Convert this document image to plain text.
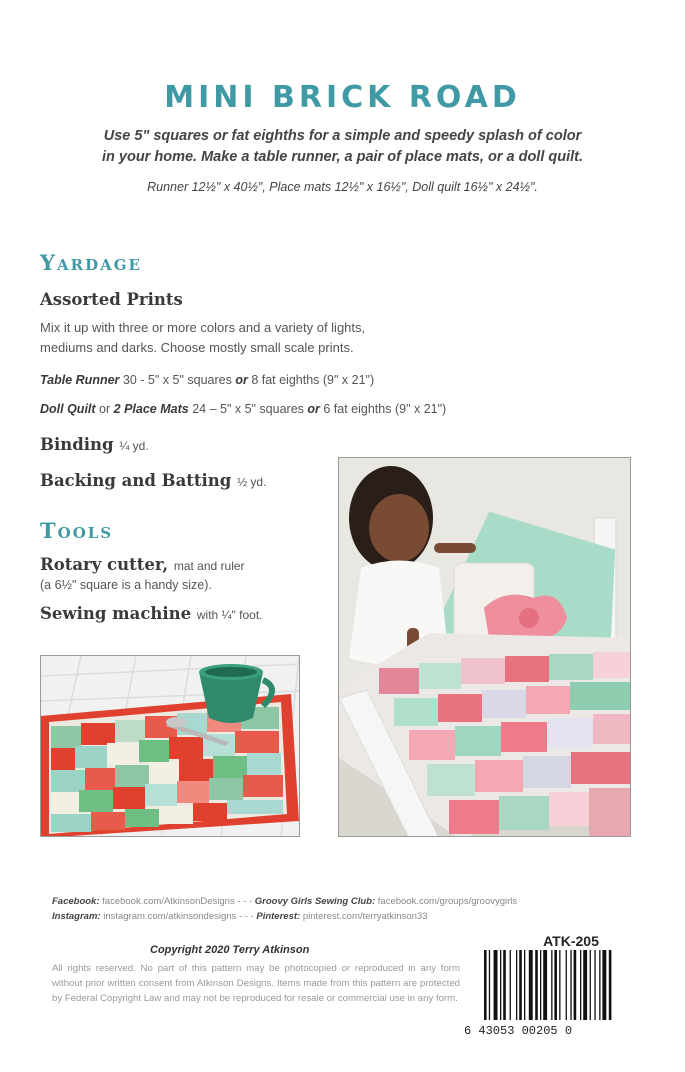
MINI BRICK ROAD
Use 5" squares or fat eighths for a simple and speedy splash of color
in your home. Make a table runner, a pair of place mats, or a doll quilt.
Runner 12½" x 40½", Place mats 12½" x 16½", Doll quilt 16½" x 24½".
Yardage
Assorted Prints
Mix it up with three or more colors and a variety of lights,
mediums and darks. Choose mostly small scale prints.
Table Runner 30 - 5" x 5" squares or 8 fat eighths (9" x 21")
Doll Quilt or 2 Place Mats 24 – 5" x 5" squares or 6 fat eighths (9" x 21")
Binding ¼ yd.
Backing and Batting ½ yd.
Tools
Rotary cutter, mat and ruler
(a 6½" square is a handy size).
Sewing machine with ¼" foot.
Facebook: facebook.com/AtkinsonDesigns - - - Groovy Girls Sewing Club: facebook.com/groups/groovygirls
Instagram: instagram.com/atkinsondesigns - - - Pinterest: pinterest.com/terryatkinson33
Copyright 2020 Terry Atkinson
All rights reserved. No part of this pattern may be photocopied or reproduced in any form without prior written consent from Atkinson Designs. Items made from this pattern are protected by Federal Copyright Law and may not be reproduced for resale or commercial use in any form.
ATK-205
6 43053 00205 0
